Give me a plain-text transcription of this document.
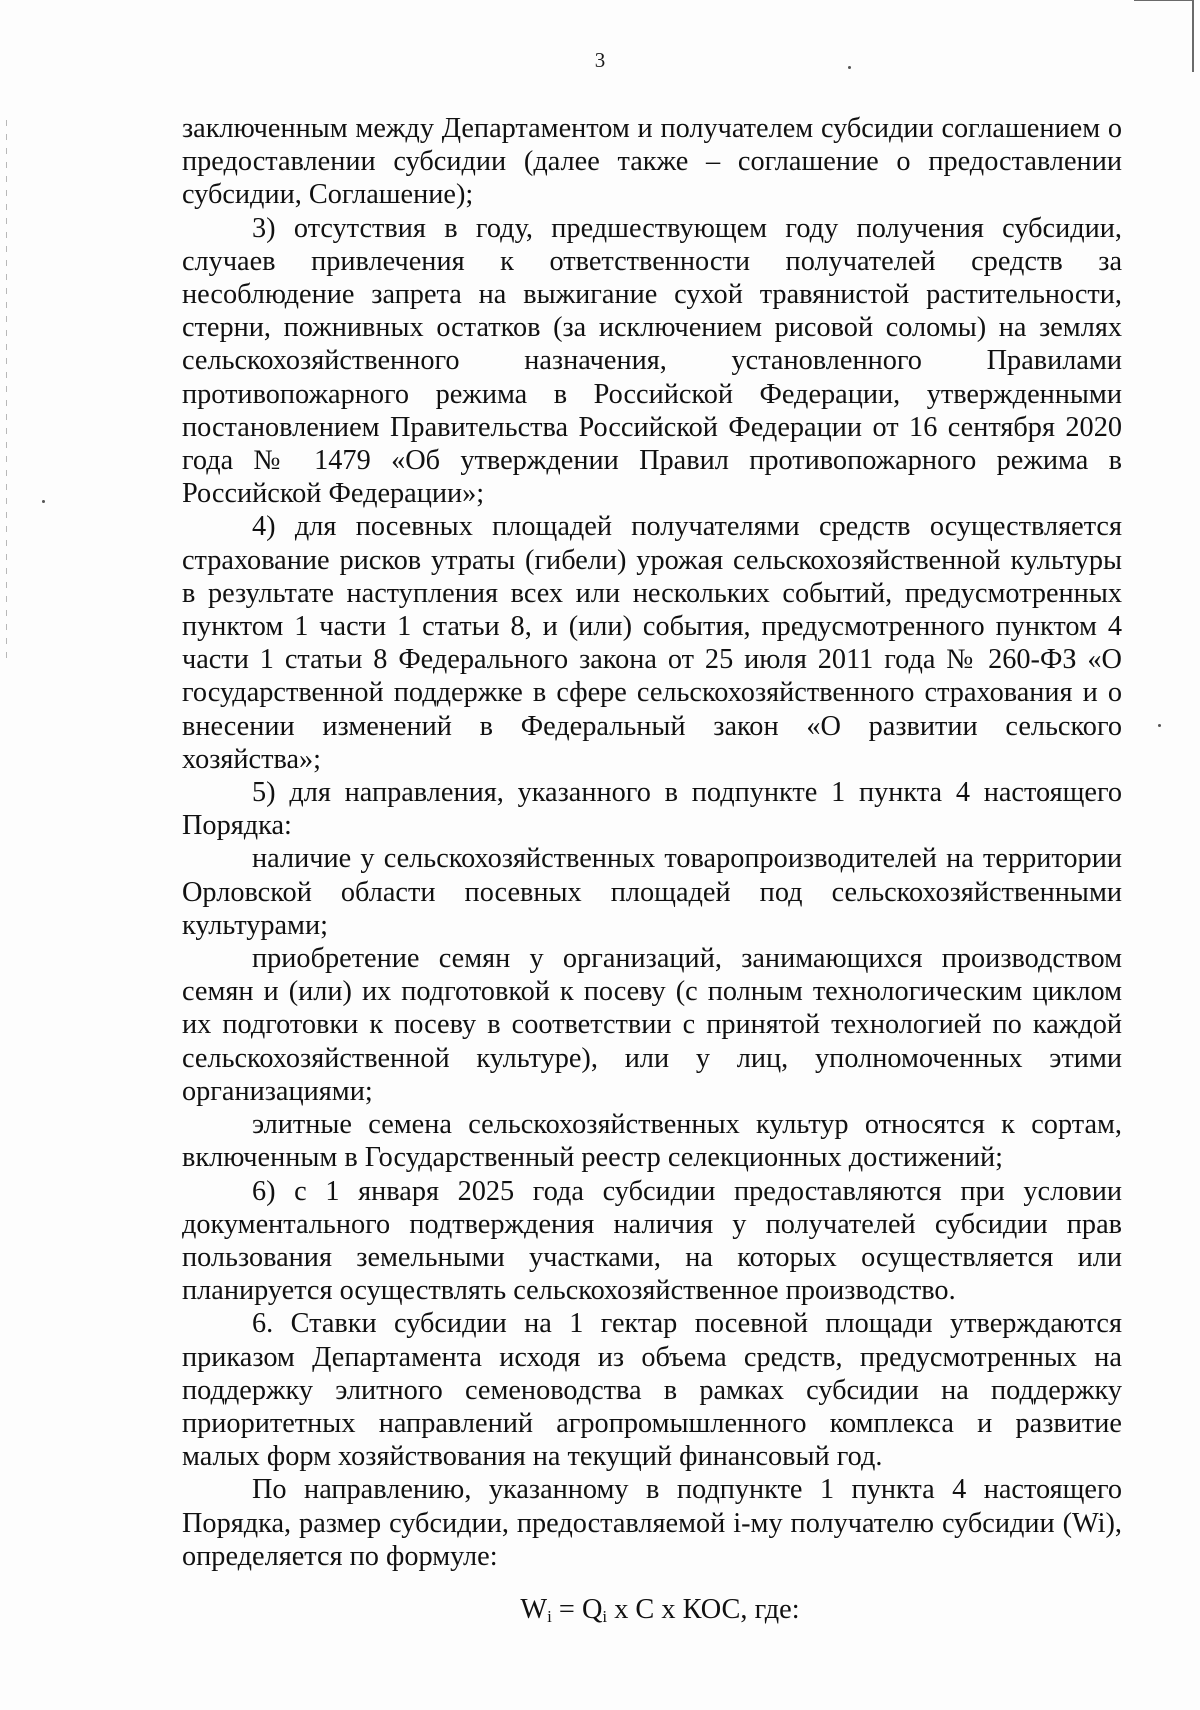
3

заключенным между Департаментом и получателем субсидии соглашением о предоставлении субсидии (далее также – соглашение о предоставлении субсидии, Соглашение);

3) отсутствия в году, предшествующем году получения субсидии, случаев привлечения к ответственности получателей средств за несоблюдение запрета на выжигание сухой травянистой растительности, стерни, пожнивных остатков (за исключением рисовой соломы) на землях сельскохозяйственного назначения, установленного Правилами противопожарного режима в Российской Федерации, утвержденными постановлением Правительства Российской Федерации от 16 сентября 2020 года № 1479 «Об утверждении Правил противопожарного режима в Российской Федерации»;

4) для посевных площадей получателями средств осуществляется страхование рисков утраты (гибели) урожая сельскохозяйственной культуры в результате наступления всех или нескольких событий, предусмотренных пунктом 1 части 1 статьи 8, и (или) события, предусмотренного пунктом 4 части 1 статьи 8 Федерального закона от 25 июля 2011 года № 260-ФЗ «О государственной поддержке в сфере сельскохозяйственного страхования и о внесении изменений в Федеральный закон «О развитии сельского хозяйства»;

5) для направления, указанного в подпункте 1 пункта 4 настоящего Порядка:

наличие у сельскохозяйственных товаропроизводителей на территории Орловской области посевных площадей под сельскохозяйственными культурами;

приобретение семян у организаций, занимающихся производством семян и (или) их подготовкой к посеву (с полным технологическим циклом их подготовки к посеву в соответствии с принятой технологией по каждой сельскохозяйственной культуре), или у лиц, уполномоченных этими организациями;

элитные семена сельскохозяйственных культур относятся к сортам, включенным в Государственный реестр селекционных достижений;

6) с 1 января 2025 года субсидии предоставляются при условии документального подтверждения наличия у получателей субсидии прав пользования земельными участками, на которых осуществляется или планируется осуществлять сельскохозяйственное производство.

6. Ставки субсидии на 1 гектар посевной площади утверждаются приказом Департамента исходя из объема средств, предусмотренных на поддержку элитного семеноводства в рамках субсидии на поддержку приоритетных направлений агропромышленного комплекса и развитие малых форм хозяйствования на текущий финансовый год.

По направлению, указанному в подпункте 1 пункта 4 настоящего Порядка, размер субсидии, предоставляемой i-му получателю субсидии (Wi), определяется по формуле:

$W_i = Q_i$ х С х КОС, где:
